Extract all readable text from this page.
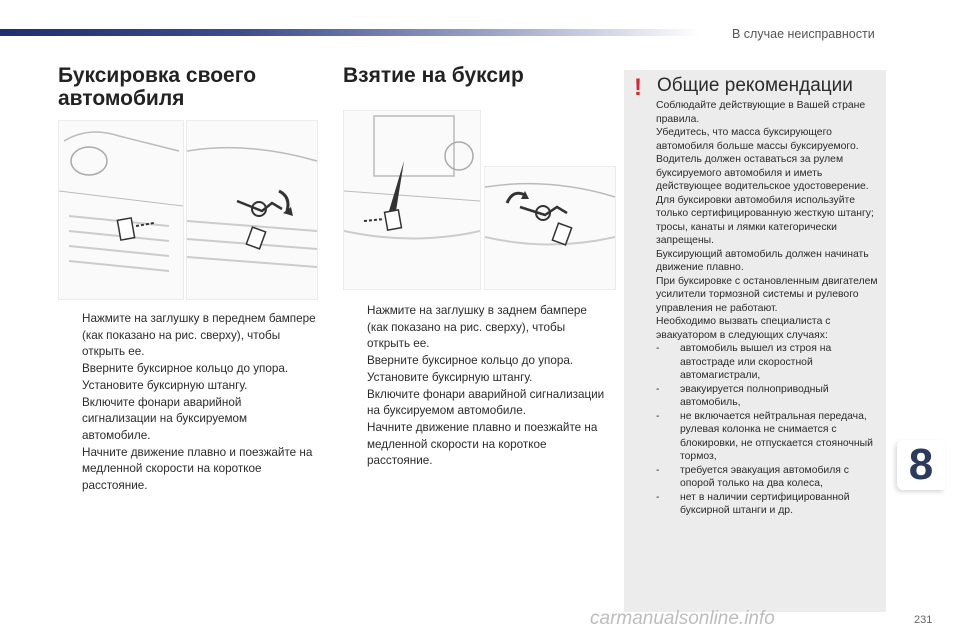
В случае неисправности
Буксировка своего автомобиля
Нажмите на заглушку в переднем бампере (как показано на рис. сверху), чтобы открыть ее.
Вверните буксирное кольцо до упора.
Установите буксирную штангу.
Включите фонари аварийной сигнализации на буксируемом автомобиле.
Начните движение плавно и поезжайте на медленной скорости на короткое расстояние.
Взятие на буксир
Нажмите на заглушку в заднем бампере (как показано на рис. сверху), чтобы открыть ее.
Вверните буксирное кольцо до упора.
Установите буксирную штангу.
Включите фонари аварийной сигнализации на буксируемом автомобиле.
Начните движение плавно и поезжайте на медленной скорости на короткое расстояние.
! Общие рекомендации

Соблюдайте действующие в Вашей стране правила.

Убедитесь, что масса буксирующего автомобиля больше массы буксируемого.

Водитель должен оставаться за рулем буксируемого автомобиля и иметь действующее водительское удостоверение.

Для буксировки автомобиля используйте только сертифицированную жесткую штангу; тросы, канаты и лямки категорически запрещены.

Буксирующий автомобиль должен начинать движение плавно.

При буксировке с остановленным двигателем усилители тормозной системы и рулевого управления не работают.

Необходимо вызвать специалиста с эвакуатором в следующих случаях:

- автомобиль вышел из строя на автостраде или скоростной автомагистрали,
- эвакуируется полноприводный автомобиль,
- не включается нейтральная передача, рулевая колонка не снимается с блокировки, не отпускается стояночный тормоз,
- требуется эвакуация автомобиля с опорой только на два колеса,
- нет в наличии сертифицированной буксирной штанги и др.
8
carmanualsonline.info	231
